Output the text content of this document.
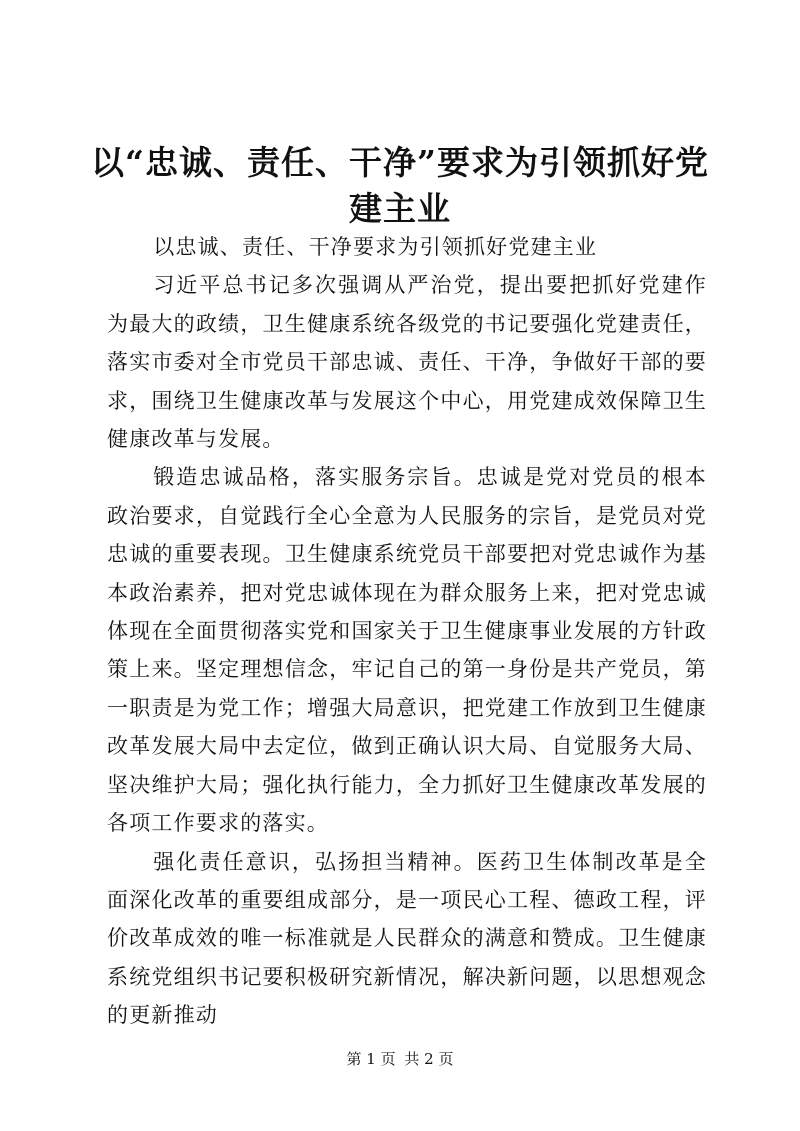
以“忠诚、责任、干净”要求为引领抓好党建主业

以忠诚、责任、干净要求为引领抓好党建主业

习近平总书记多次强调从严治党，提出要把抓好党建作为最大的政绩，卫生健康系统各级党的书记要强化党建责任，落实市委对全市党员干部忠诚、责任、干净，争做好干部的要求，围绕卫生健康改革与发展这个中心，用党建成效保障卫生健康改革与发展。

锻造忠诚品格，落实服务宗旨。忠诚是党对党员的根本政治要求，自觉践行全心全意为人民服务的宗旨，是党员对党忠诚的重要表现。卫生健康系统党员干部要把对党忠诚作为基本政治素养，把对党忠诚体现在为群众服务上来，把对党忠诚体现在全面贯彻落实党和国家关于卫生健康事业发展的方针政策上来。坚定理想信念，牢记自己的第一身份是共产党员，第一职责是为党工作；增强大局意识，把党建工作放到卫生健康改革发展大局中去定位，做到正确认识大局、自觉服务大局、坚决维护大局；强化执行能力，全力抓好卫生健康改革发展的各项工作要求的落实。

强化责任意识，弘扬担当精神。医药卫生体制改革是全面深化改革的重要组成部分，是一项民心工程、德政工程，评价改革成效的唯一标准就是人民群众的满意和赞成。卫生健康系统党组织书记要积极研究新情况，解决新问题，以思想观念的更新推动

第 1 页 共 2 页
